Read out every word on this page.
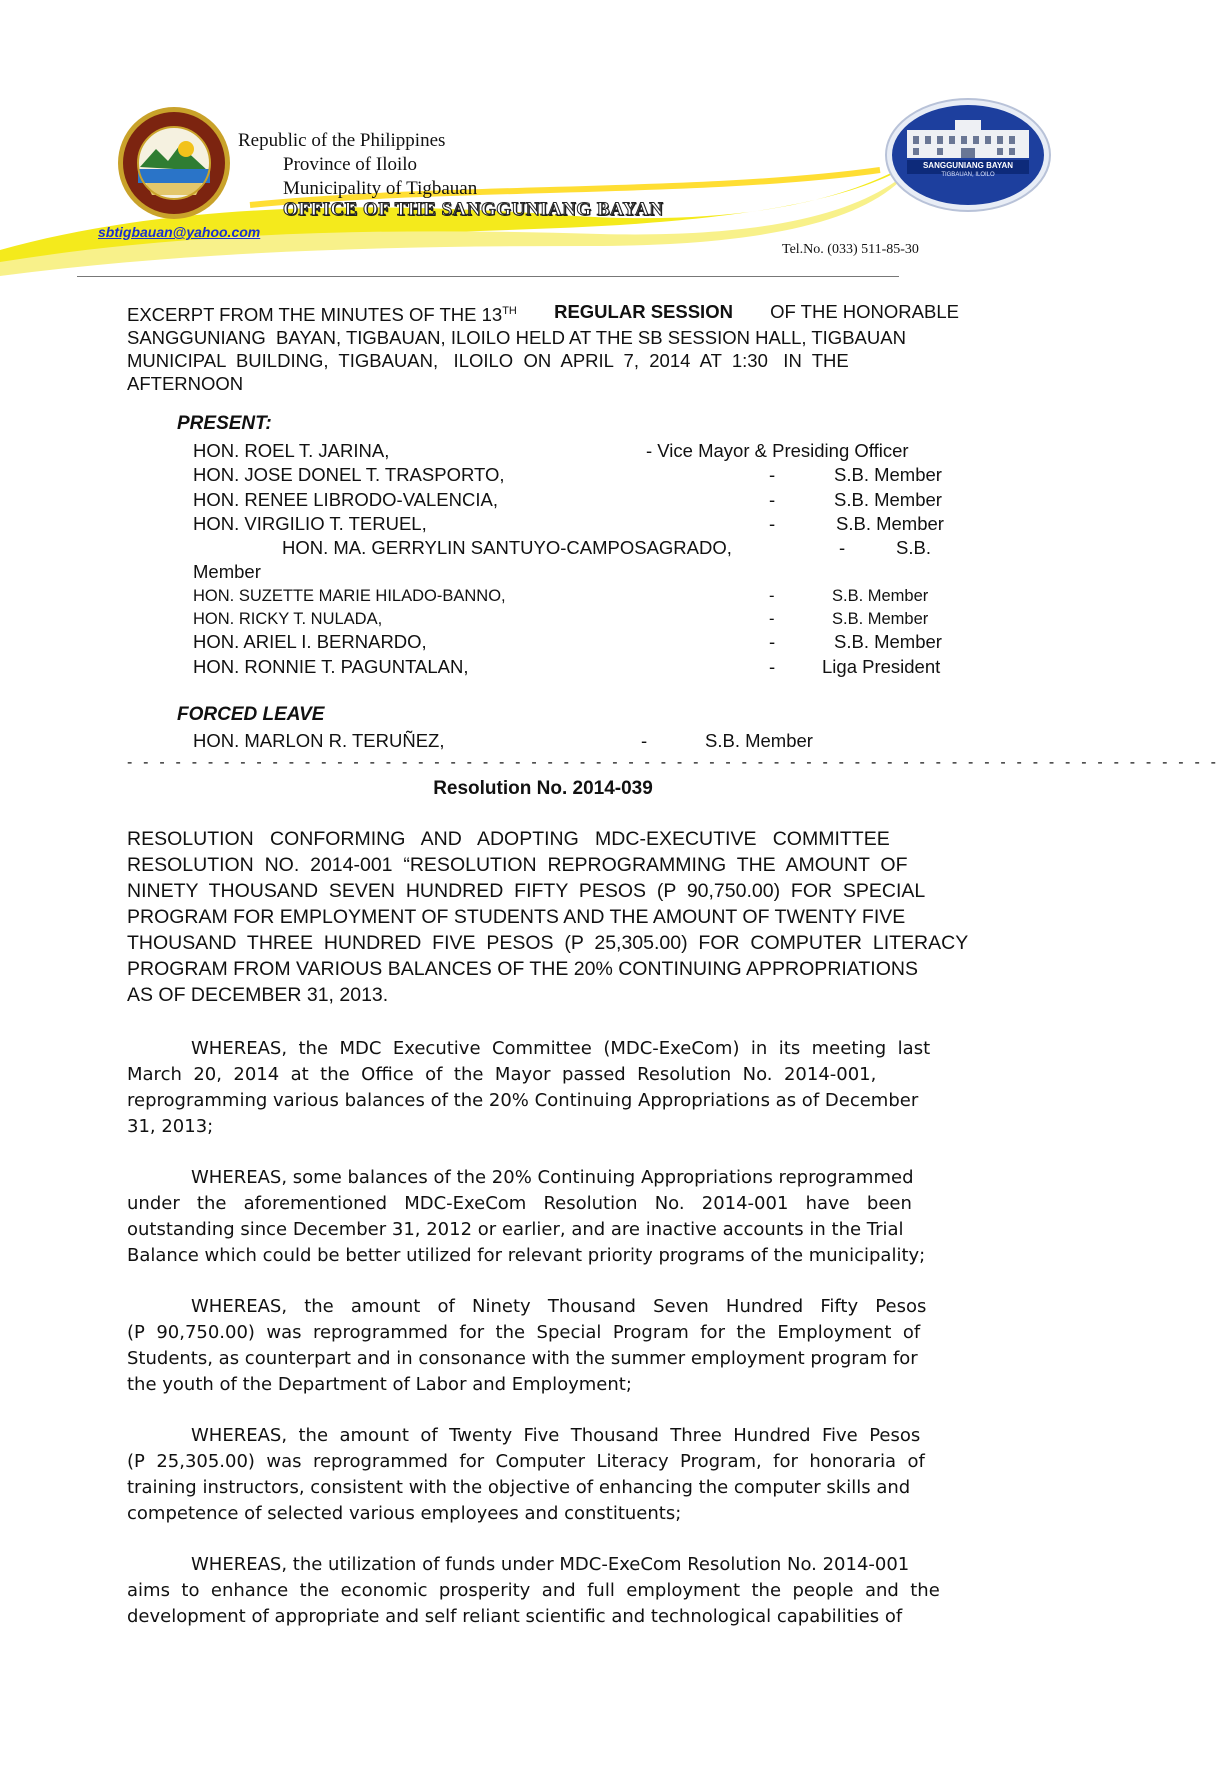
Republic of the Philippines
Province of Iloilo
Municipality of Tigbauan
OFFICE OF THE SANGGUNIANG BAYAN
sbtigbauan@yahoo.com
Tel.No. (033) 511-85-30
SANGGUNIANG BAYAN
TIGBAUAN, ILOILO
EXCERPT FROM THE MINUTES OF THE 13TH REGULAR SESSION OF THE HONORABLE
SANGGUNIANG  BAYAN, TIGBAUAN, ILOILO HELD AT THE SB SESSION HALL, TIGBAUAN
MUNICIPAL  BUILDING,  TIGBAUAN,   ILOILO  ON  APRIL  7,  2014  AT  1:30   IN  THE
AFTERNOON
PRESENT:
HON. ROEL T. JARINA,	- Vice Mayor & Presiding Officer
HON. JOSE DONEL T. TRASPORTO,	-	S.B. Member
HON. RENEE LIBRODO-VALENCIA,	-	S.B. Member
HON. VIRGILIO T. TERUEL,	-	S.B. Member
HON. MA. GERRYLIN SANTUYO-CAMPOSAGRADO,	-	S.B.
Member
HON. SUZETTE MARIE HILADO-BANNO,	-	S.B. Member
HON. RICKY T. NULADA,	-	S.B. Member
HON. ARIEL I. BERNARDO,	-	S.B. Member
HON. RONNIE T. PAGUNTALAN,	-	Liga President
FORCED LEAVE
HON. MARLON R. TERUÑEZ,	-	S.B. Member
- - - - - - - - - - - - - - - - - - - - - - - - - - - - - - - - - - - - - - - - - - - - - - - - - - - - - - - - - - - - - - - - - - - -
Resolution No. 2014-039
RESOLUTION   CONFORMING   AND   ADOPTING   MDC-EXECUTIVE   COMMITTEE
RESOLUTION  NO.  2014-001  “RESOLUTION  REPROGRAMMING  THE  AMOUNT  OF
NINETY  THOUSAND  SEVEN  HUNDRED  FIFTY  PESOS  (P  90,750.00)  FOR  SPECIAL
PROGRAM FOR EMPLOYMENT OF STUDENTS AND THE AMOUNT OF TWENTY FIVE
THOUSAND  THREE  HUNDRED  FIVE  PESOS  (P  25,305.00)  FOR  COMPUTER  LITERACY
PROGRAM FROM VARIOUS BALANCES OF THE 20% CONTINUING APPROPRIATIONS
AS OF DECEMBER 31, 2013.
WHEREAS,  the  MDC  Executive  Committee  (MDC-ExeCom)  in  its  meeting  last
March  20,  2014  at  the  Office  of  the  Mayor  passed  Resolution  No.  2014-001,
reprogramming various balances of the 20% Continuing Appropriations as of December
31, 2013;
WHEREAS, some balances of the 20% Continuing Appropriations reprogrammed
under   the   aforementioned   MDC-ExeCom   Resolution   No.   2014-001   have   been
outstanding since December 31, 2012 or earlier, and are inactive accounts in the Trial
Balance which could be better utilized for relevant priority programs of the municipality;
WHEREAS,   the   amount   of   Ninety   Thousand   Seven   Hundred   Fifty   Pesos
(P  90,750.00)  was  reprogrammed  for  the  Special  Program  for  the  Employment  of
Students, as counterpart and in consonance with the summer employment program for
the youth of the Department of Labor and Employment;
WHEREAS,  the  amount  of  Twenty  Five  Thousand  Three  Hundred  Five  Pesos
(P  25,305.00)  was  reprogrammed  for  Computer  Literacy  Program,  for  honoraria  of
training instructors, consistent with the objective of enhancing the computer skills and
competence of selected various employees and constituents;
WHEREAS, the utilization of funds under MDC-ExeCom Resolution No. 2014-001
aims  to  enhance  the  economic  prosperity  and  full  employment  the  people  and  the
development of appropriate and self reliant scientific and technological capabilities of
